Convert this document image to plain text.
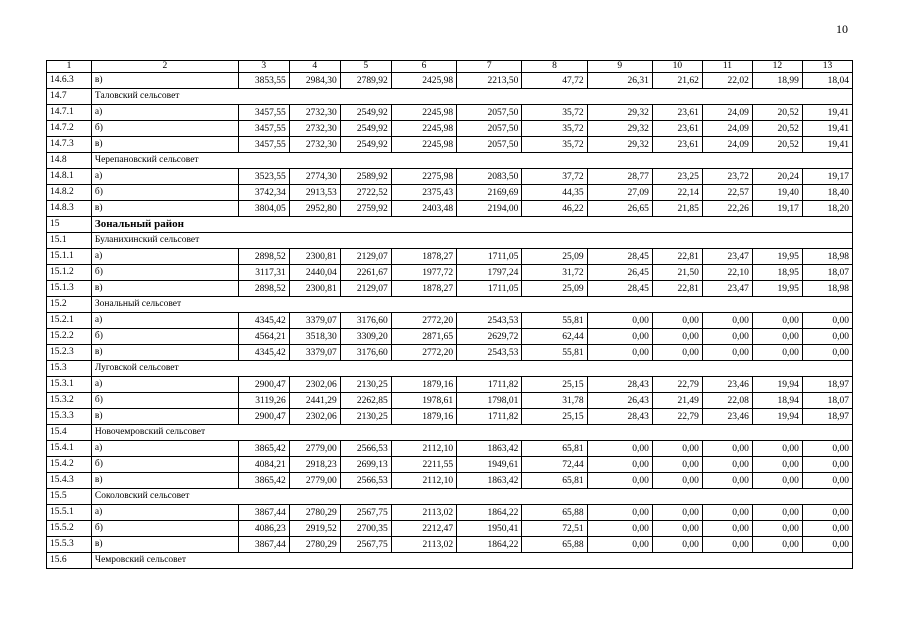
10
1	2	3	4	5	6	7	8	9	10	11	12	13
14.6.3	в)	3853,55	2984,30	2789,92	2425,98	2213,50	47,72	26,31	21,62	22,02	18,99	18,04
14.7	Таловский сельсовет											
14.7.1	а)	3457,55	2732,30	2549,92	2245,98	2057,50	35,72	29,32	23,61	24,09	20,52	19,41
14.7.2	б)	3457,55	2732,30	2549,92	2245,98	2057,50	35,72	29,32	23,61	24,09	20,52	19,41
14.7.3	в)	3457,55	2732,30	2549,92	2245,98	2057,50	35,72	29,32	23,61	24,09	20,52	19,41
14.8	Черепановский сельсовет											
14.8.1	а)	3523,55	2774,30	2589,92	2275,98	2083,50	37,72	28,77	23,25	23,72	20,24	19,17
14.8.2	б)	3742,34	2913,53	2722,52	2375,43	2169,69	44,35	27,09	22,14	22,57	19,40	18,40
14.8.3	в)	3804,05	2952,80	2759,92	2403,48	2194,00	46,22	26,65	21,85	22,26	19,17	18,20
15	Зональный район											
15.1	Буланихинский сельсовет											
15.1.1	а)	2898,52	2300,81	2129,07	1878,27	1711,05	25,09	28,45	22,81	23,47	19,95	18,98
15.1.2	б)	3117,31	2440,04	2261,67	1977,72	1797,24	31,72	26,45	21,50	22,10	18,95	18,07
15.1.3	в)	2898,52	2300,81	2129,07	1878,27	1711,05	25,09	28,45	22,81	23,47	19,95	18,98
15.2	Зональный сельсовет											
15.2.1	а)	4345,42	3379,07	3176,60	2772,20	2543,53	55,81	0,00	0,00	0,00	0,00	0,00
15.2.2	б)	4564,21	3518,30	3309,20	2871,65	2629,72	62,44	0,00	0,00	0,00	0,00	0,00
15.2.3	в)	4345,42	3379,07	3176,60	2772,20	2543,53	55,81	0,00	0,00	0,00	0,00	0,00
15.3	Луговской сельсовет											
15.3.1	а)	2900,47	2302,06	2130,25	1879,16	1711,82	25,15	28,43	22,79	23,46	19,94	18,97
15.3.2	б)	3119,26	2441,29	2262,85	1978,61	1798,01	31,78	26,43	21,49	22,08	18,94	18,07
15.3.3	в)	2900,47	2302,06	2130,25	1879,16	1711,82	25,15	28,43	22,79	23,46	19,94	18,97
15.4	Новочемровский сельсовет											
15.4.1	а)	3865,42	2779,00	2566,53	2112,10	1863,42	65,81	0,00	0,00	0,00	0,00	0,00
15.4.2	б)	4084,21	2918,23	2699,13	2211,55	1949,61	72,44	0,00	0,00	0,00	0,00	0,00
15.4.3	в)	3865,42	2779,00	2566,53	2112,10	1863,42	65,81	0,00	0,00	0,00	0,00	0,00
15.5	Соколовский сельсовет											
15.5.1	а)	3867,44	2780,29	2567,75	2113,02	1864,22	65,88	0,00	0,00	0,00	0,00	0,00
15.5.2	б)	4086,23	2919,52	2700,35	2212,47	1950,41	72,51	0,00	0,00	0,00	0,00	0,00
15.5.3	в)	3867,44	2780,29	2567,75	2113,02	1864,22	65,88	0,00	0,00	0,00	0,00	0,00
15.6	Чемровский сельсовет											
